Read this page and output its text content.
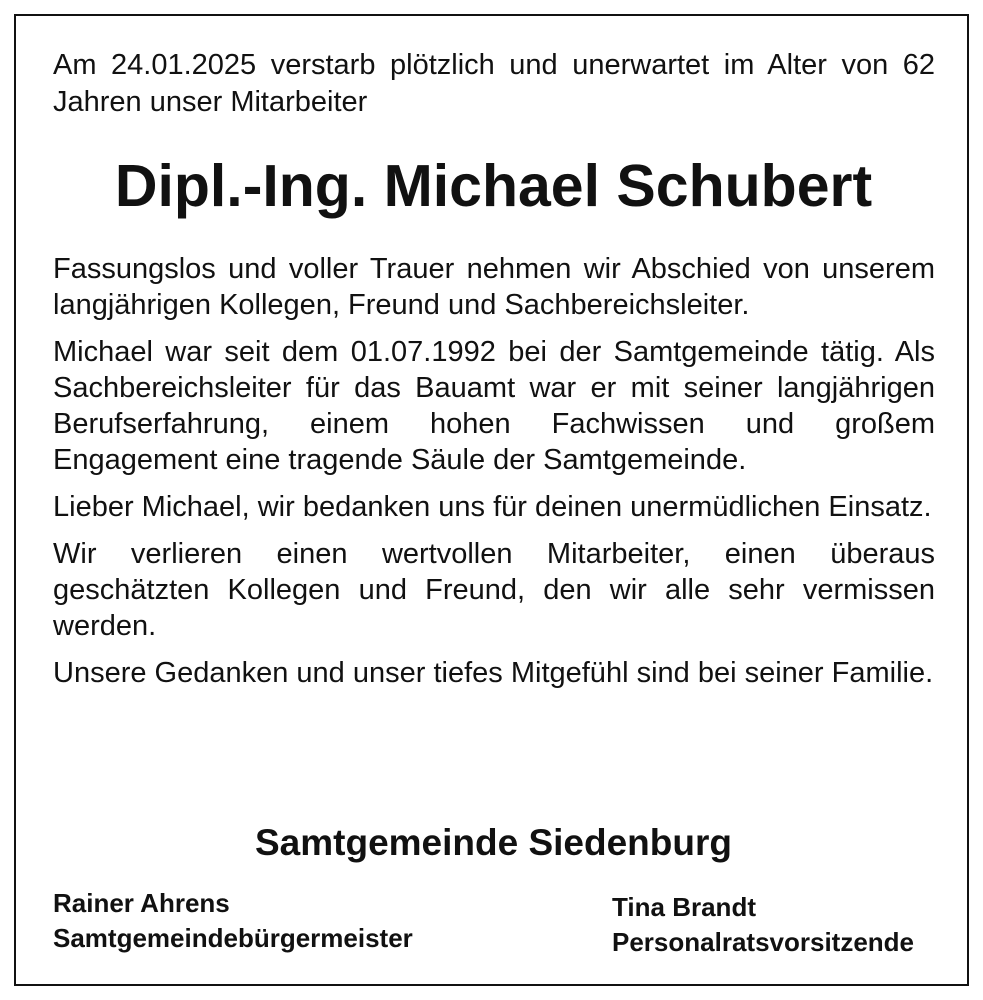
Am 24.01.2025 verstarb plötzlich und unerwartet im Alter von 62 Jahren unser Mitarbeiter

Dipl.-Ing. Michael Schubert

Fassungslos und voller Trauer nehmen wir Abschied von unserem langjährigen Kollegen, Freund und Sachbereichsleiter.

Michael war seit dem 01.07.1992 bei der Samtgemeinde tätig. Als Sachbereichsleiter für das Bauamt war er mit seiner langjährigen Berufserfahrung, einem hohen Fachwissen und großem Engagement eine tragende Säule der Samtgemeinde.

Lieber Michael, wir bedanken uns für deinen unermüdlichen Einsatz.

Wir verlieren einen wertvollen Mitarbeiter, einen überaus geschätzten Kollegen und Freund, den wir alle sehr vermissen werden.

Unsere Gedanken und unser tiefes Mitgefühl sind bei seiner Familie.

Samtgemeinde Siedenburg
Rainer Ahrens
Samtgemeindebürgermeister
Tina Brandt
Personalratsvorsitzende
